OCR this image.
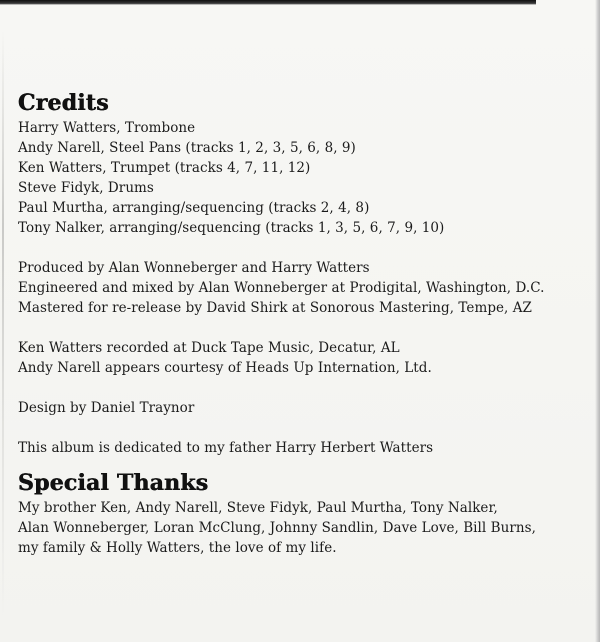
Credits
Harry Watters, Trombone
Andy Narell, Steel Pans (tracks 1, 2, 3, 5, 6, 8, 9)
Ken Watters, Trumpet (tracks 4, 7, 11, 12)
Steve Fidyk, Drums
Paul Murtha, arranging/sequencing (tracks 2, 4, 8)
Tony Nalker, arranging/sequencing (tracks 1, 3, 5, 6, 7, 9, 10)
Produced by Alan Wonneberger and Harry Watters
Engineered and mixed by Alan Wonneberger at Prodigital, Washington, D.C.
Mastered for re-release by David Shirk at Sonorous Mastering, Tempe, AZ
Ken Watters recorded at Duck Tape Music, Decatur, AL
Andy Narell appears courtesy of Heads Up Internation, Ltd.
Design by Daniel Traynor
This album is dedicated to my father Harry Herbert Watters
Special Thanks
My brother Ken, Andy Narell, Steve Fidyk, Paul Murtha, Tony Nalker,
Alan Wonneberger, Loran McClung, Johnny Sandlin, Dave Love, Bill Burns,
my family & Holly Watters, the love of my life.
